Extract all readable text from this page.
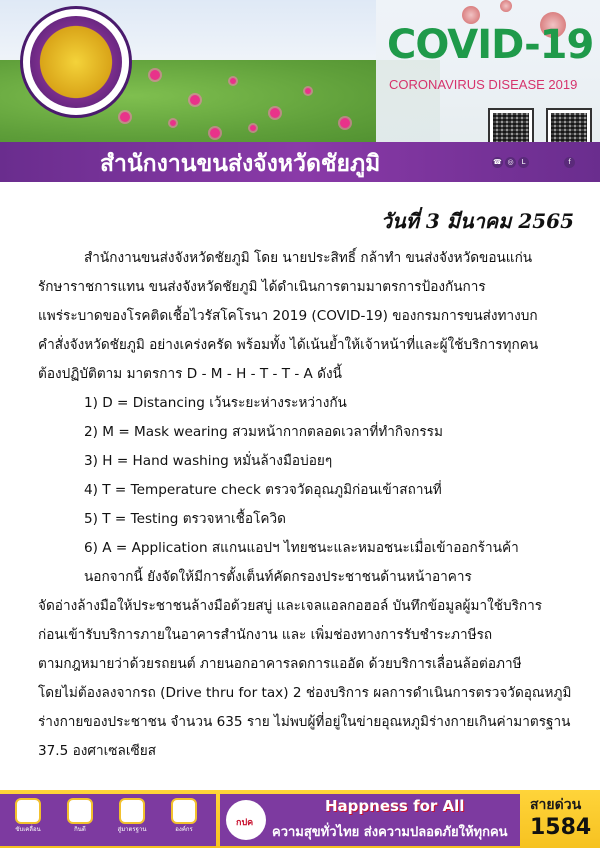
COVID-19

CORONAVIRUS DISEASE 2019

สำนักงานขนส่งจังหวัดชัยภูมิ	☎ ◎	L	f

วันที่ 3 มีนาคม 2565

สำนักงานขนส่งจังหวัดชัยภูมิ โดย นายประสิทธิ์ กล้าทำ ขนส่งจังหวัดขอนแก่น
รักษาราชการแทน ขนส่งจังหวัดชัยภูมิ ได้ดำเนินการตามมาตรการป้องกันการ
แพร่ระบาดของโรคติดเชื้อไวรัสโคโรนา 2019 (COVID-19) ของกรมการขนส่งทางบก
คำสั่งจังหวัดชัยภูมิ อย่างเคร่งครัด พร้อมทั้ง ได้เน้นย้ำให้เจ้าหน้าที่และผู้ใช้บริการทุกคน
ต้องปฏิบัติตาม มาตรการ D - M - H - T - T - A ดังนี้
1) D = Distancing เว้นระยะห่างระหว่างกัน
2) M = Mask wearing สวมหน้ากากตลอดเวลาที่ทำกิจกรรม
3) H = Hand washing หมั่นล้างมือบ่อยๆ
4) T = Temperature check ตรวจวัดอุณภูมิก่อนเข้าสถานที่
5) T = Testing ตรวจหาเชื้อโควิด
6) A = Application สแกนแอปฯ ไทยชนะและหมอชนะเมื่อเข้าออกร้านค้า
นอกจากนี้ ยังจัดให้มีการตั้งเต็นท์คัดกรองประชาชนด้านหน้าอาคาร
จัดอ่างล้างมือให้ประชาชนล้างมือด้วยสบู่ และเจลแอลกอฮอล์ บันทึกข้อมูลผู้มาใช้บริการ
ก่อนเข้ารับบริการภายในอาคารสำนักงาน และ เพิ่มช่องทางการรับชำระภาษีรถ
ตามกฎหมายว่าด้วยรถยนต์ ภายนอกอาคารลดการแออัด ด้วยบริการเลื่อนล้อต่อภาษี
โดยไม่ต้องลงจากรถ (Drive thru for tax) 2 ช่องบริการ ผลการดำเนินการตรวจวัดอุณหภูมิ
ร่างกายของประชาชน จำนวน 635 ราย ไม่พบผู้ที่อยู่ในข่ายอุณหภูมิร่างกายเกินค่ามาตรฐาน
37.5 องศาเซลเซียส
ขับเคลื่อน	กินดี	สู่มาตรฐาน	องค์กร
กปค

Happness for All

ความสุขทั่วไทย ส่งความปลอดภัยให้ทุกคน

สายด่วน

1584
